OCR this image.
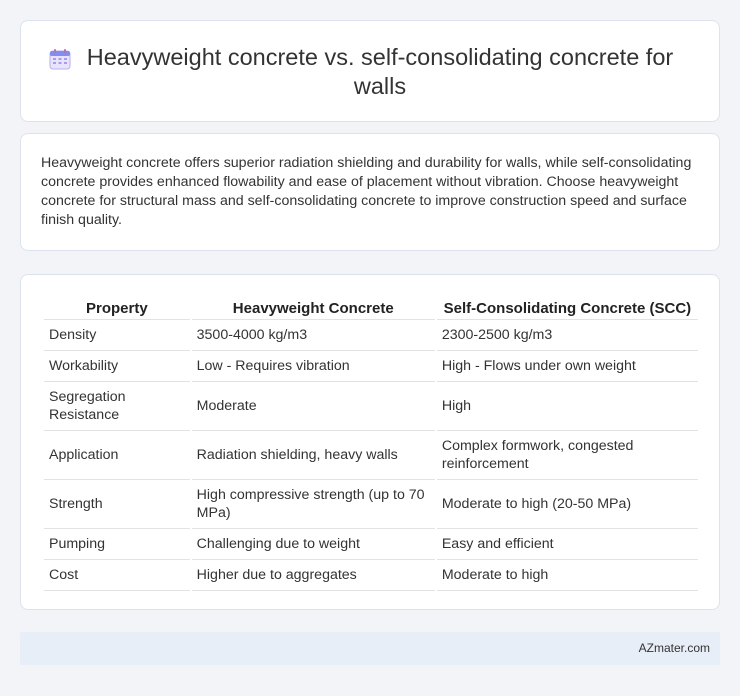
Heavyweight concrete vs. self-consolidating concrete for walls

Heavyweight concrete offers superior radiation shielding and durability for walls, while self-consolidating concrete provides enhanced flowability and ease of placement without vibration. Choose heavyweight concrete for structural mass and self-consolidating concrete to improve construction speed and surface finish quality.

Property	Heavyweight Concrete	Self-Consolidating Concrete (SCC)
Density	3500-4000 kg/m3	2300-2500 kg/m3
Workability	Low - Requires vibration	High - Flows under own weight
Segregation Resistance	Moderate	High
Application	Radiation shielding, heavy walls	Complex formwork, congested reinforcement
Strength	High compressive strength (up to 70 MPa)	Moderate to high (20-50 MPa)
Pumping	Challenging due to weight	Easy and efficient
Cost	Higher due to aggregates	Moderate to high
AZmater.com
